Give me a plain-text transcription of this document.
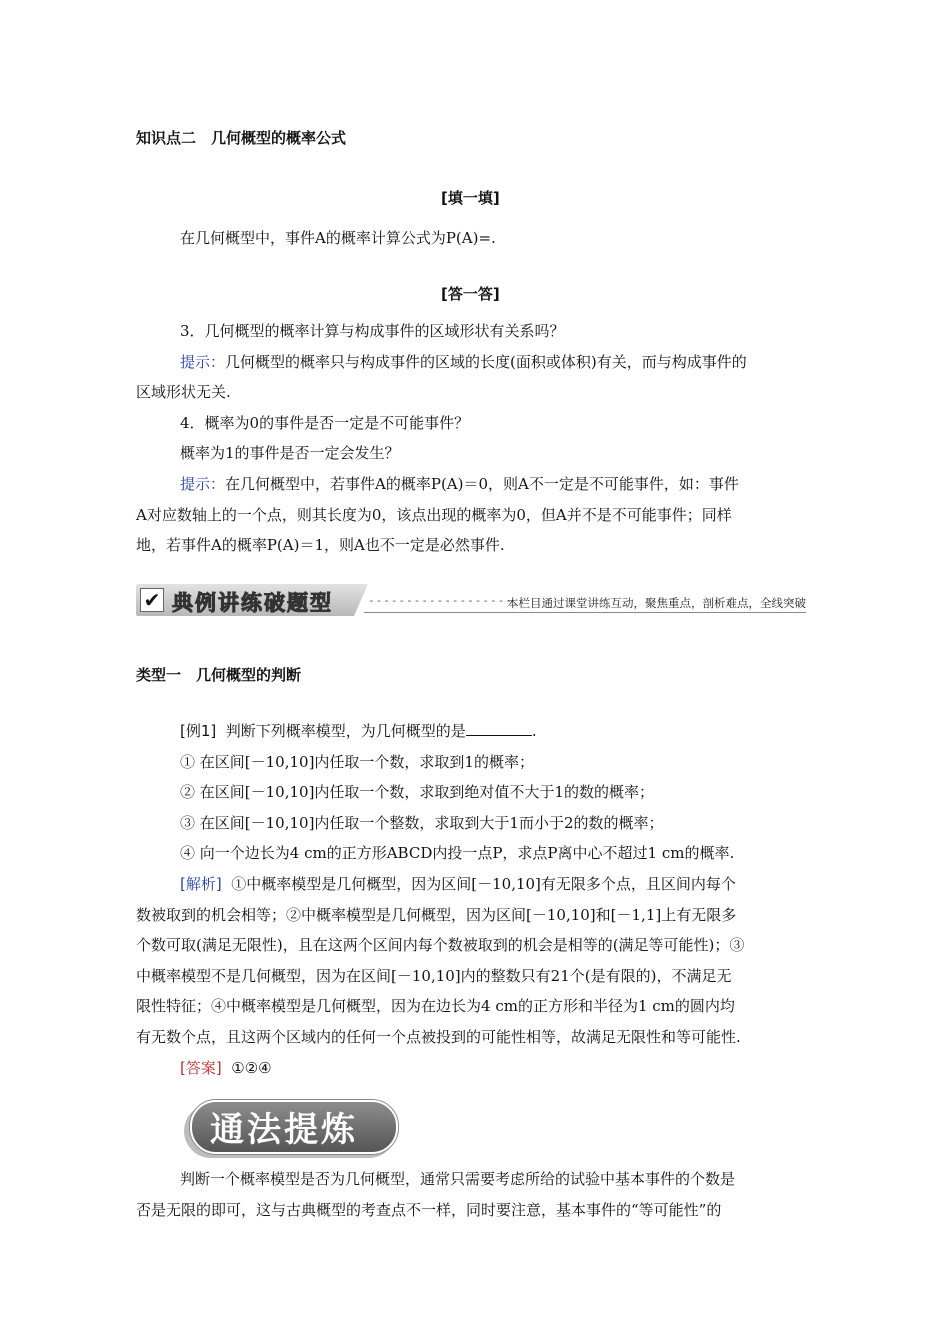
知识点二　几何概型的概率公式
[填一填]
在几何概型中，事件A的概率计算公式为P(A)=.
[答一答]
3．几何概型的概率计算与构成事件的区域形状有关系吗？
提示：几何概型的概率只与构成事件的区域的长度(面积或体积)有关，而与构成事件的
区域形状无关.
4．概率为0的事件是否一定是不可能事件？
概率为1的事件是否一定会发生？
提示：在几何概型中，若事件A的概率P(A)＝0，则A不一定是不可能事件，如：事件
A对应数轴上的一个点，则其长度为0，该点出现的概率为0，但A并不是不可能事件；同样
地，若事件A的概率P(A)＝1，则A也不一定是必然事件.
✔ 典例讲练破题型	-------------------
本栏目通过课堂讲练互动，聚焦重点，剖析难点，全线突破
类型一　几何概型的判断
[例1] 判断下列概率模型，为几何概型的是	.
① 在区间[－10,10]内任取一个数，求取到1的概率；
② 在区间[－10,10]内任取一个数，求取到绝对值不大于1的数的概率；
③ 在区间[－10,10]内任取一个整数，求取到大于1而小于2的数的概率；
④ 向一个边长为4 cm的正方形ABCD内投一点P，求点P离中心不超过1 cm的概率.
[解析] ①中概率模型是几何概型，因为区间[－10,10]有无限多个点，且区间内每个
数被取到的机会相等；②中概率模型是几何概型，因为区间[－10,10]和[－1,1]上有无限多
个数可取(满足无限性)，且在这两个区间内每个数被取到的机会是相等的(满足等可能性)；③
中概率模型不是几何概型，因为在区间[－10,10]内的整数只有21个(是有限的)，不满足无
限性特征；④中概率模型是几何概型，因为在边长为4 cm的正方形和半径为1 cm的圆内均
有无数个点，且这两个区域内的任何一个点被投到的可能性相等，故满足无限性和等可能性.
[答案] ①②④
通法提炼
判断一个概率模型是否为几何概型，通常只需要考虑所给的试验中基本事件的个数是
否是无限的即可，这与古典概型的考查点不一样，同时要注意，基本事件的“等可能性”的
